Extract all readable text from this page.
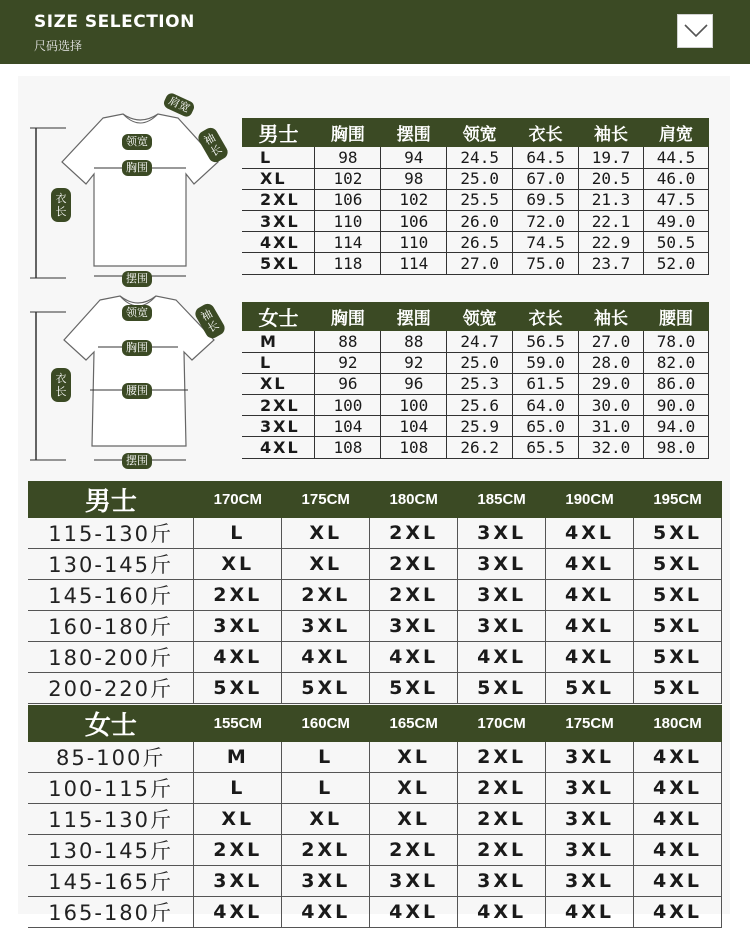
SIZE SELECTION
尺码选择
肩宽
袖长
领宽
胸围
衣长
摆围
领宽	袖长
胸围
衣长	腰围
摆围
男士	胸围	摆围	领宽	衣长	袖长	肩宽
L	98	94	24.5	64.5	19.7	44.5
XL	102	98	25.0	67.0	20.5	46.0
2XL	106	102	25.5	69.5	21.3	47.5
3XL	110	106	26.0	72.0	22.1	49.0
4XL	114	110	26.5	74.5	22.9	50.5
5XL	118	114	27.0	75.0	23.7	52.0
女士	胸围	摆围	领宽	衣长	袖长	腰围
M	88	88	24.7	56.5	27.0	78.0
L	92	92	25.0	59.0	28.0	82.0
XL	96	96	25.3	61.5	29.0	86.0
2XL	100	100	25.6	64.0	30.0	90.0
3XL	104	104	25.9	65.0	31.0	94.0
4XL	108	108	26.2	65.5	32.0	98.0
男士	170CM	175CM	180CM	185CM	190CM	195CM
115-130斤	L	XL	2XL	3XL	4XL	5XL
130-145斤	XL	XL	2XL	3XL	4XL	5XL
145-160斤	2XL	2XL	2XL	3XL	4XL	5XL
160-180斤	3XL	3XL	3XL	3XL	4XL	5XL
180-200斤	4XL	4XL	4XL	4XL	4XL	5XL
200-220斤	5XL	5XL	5XL	5XL	5XL	5XL
女士	155CM	160CM	165CM	170CM	175CM	180CM
85-100斤	M	L	XL	2XL	3XL	4XL
100-115斤	L	L	XL	2XL	3XL	4XL
115-130斤	XL	XL	XL	2XL	3XL	4XL
130-145斤	2XL	2XL	2XL	2XL	3XL	4XL
145-165斤	3XL	3XL	3XL	3XL	3XL	4XL
165-180斤	4XL	4XL	4XL	4XL	4XL	4XL
